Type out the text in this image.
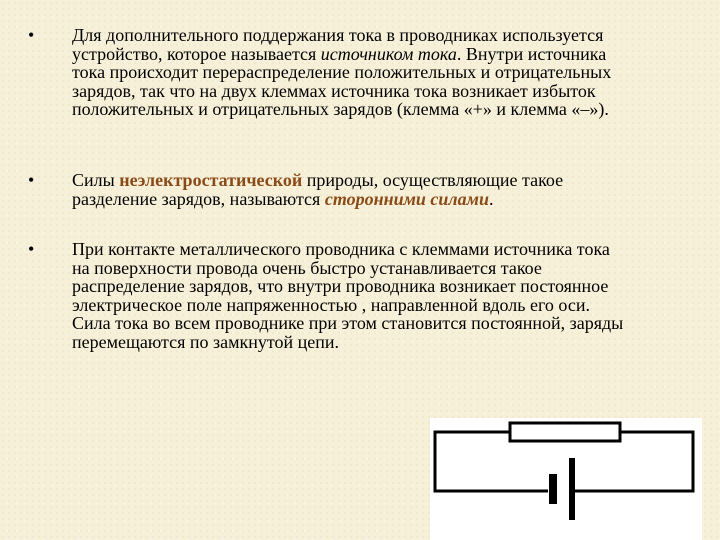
•	Для дополнительного поддержания тока в проводниках используется устройство, которое называется источником тока. Внутри источника тока происходит перераспределение положительных и отрицательных зарядов, так что на двух клеммах источника тока возникает избыток положительных и отрицательных зарядов (клемма «+» и клемма «–»).
•	Силы неэлектростатической природы, осуществляющие такое разделение зарядов, называются сторонними силами.
•	При контакте металлического проводника с клеммами источника тока на поверхности провода очень быстро устанавливается такое распределение зарядов, что внутри проводника возникает постоянное электрическое поле напряженностью , направленной вдоль его оси. Сила тока во всем проводнике при этом становится постоянной, заряды перемещаются по замкнутой цепи.
